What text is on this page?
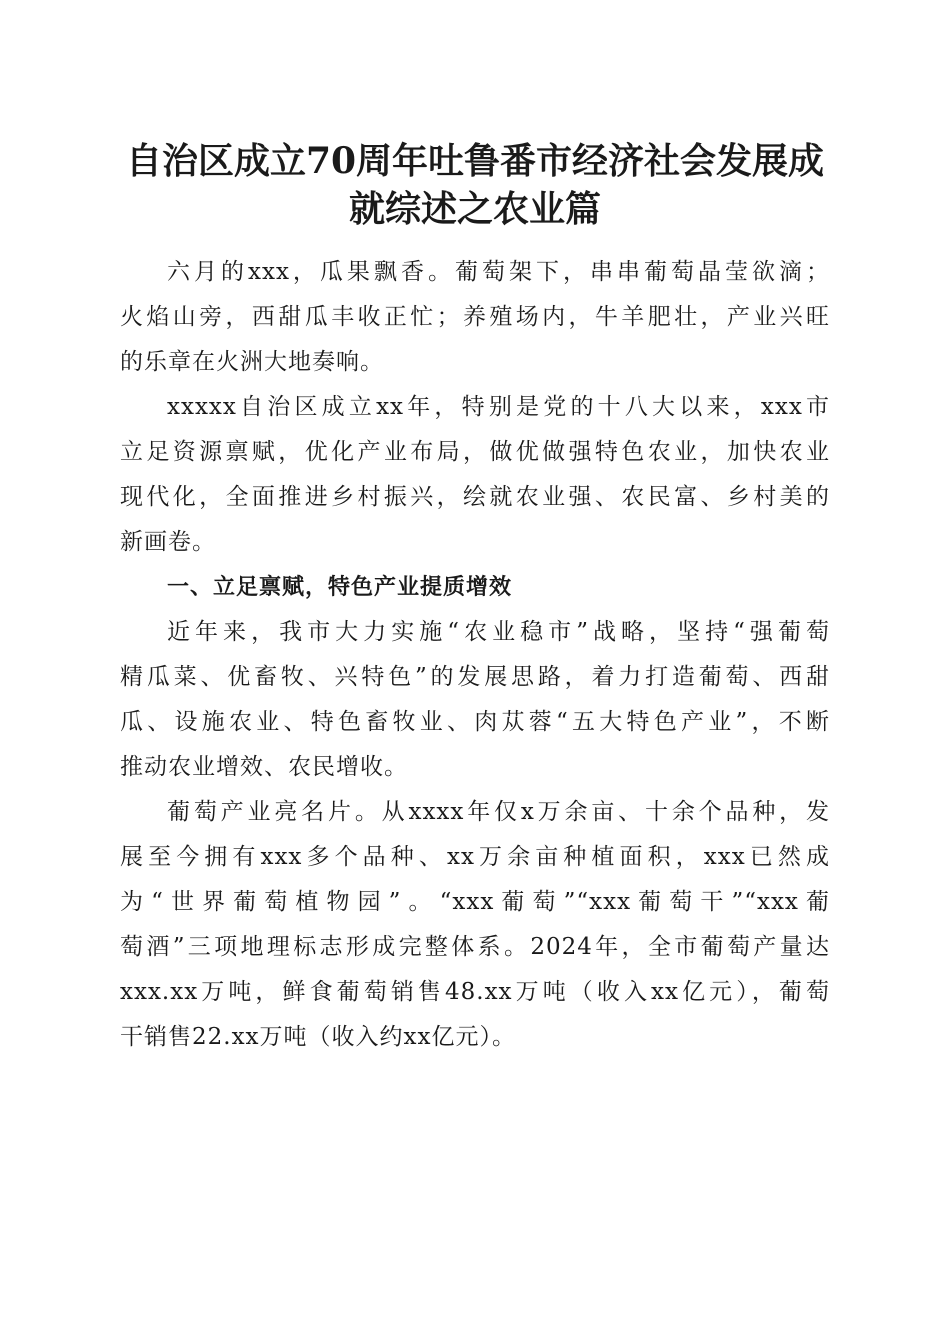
自治区成立70周年吐鲁番市经济社会发展成
就综述之农业篇

六月的xxx，瓜果飘香。葡萄架下，串串葡萄晶莹欲滴；
火焰山旁，西甜瓜丰收正忙；养殖场内，牛羊肥壮，产业兴旺
的乐章在火洲大地奏响。

xxxxx自治区成立xx年，特别是党的十八大以来，xxx市
立足资源禀赋，优化产业布局，做优做强特色农业，加快农业
现代化，全面推进乡村振兴，绘就农业强、农民富、乡村美的
新画卷。

一、立足禀赋，特色产业提质增效

近年来，我市大力实施“农业稳市”战略，坚持“强葡萄
精瓜菜、优畜牧、兴特色”的发展思路，着力打造葡萄、西甜
瓜、设施农业、特色畜牧业、肉苁蓉“五大特色产业”，不断
推动农业增效、农民增收。

葡萄产业亮名片。从xxxx年仅x万余亩、十余个品种，发
展至今拥有xxx多个品种、xx万余亩种植面积，xxx已然成
为“世界葡萄植物园”。“xxx葡萄”“xxx葡萄干”“xxx葡
萄酒”三项地理标志形成完整体系。2024年，全市葡萄产量达
xxx.xx万吨，鲜食葡萄销售48.xx万吨（收入xx亿元），葡萄
干销售22.xx万吨（收入约xx亿元）。
